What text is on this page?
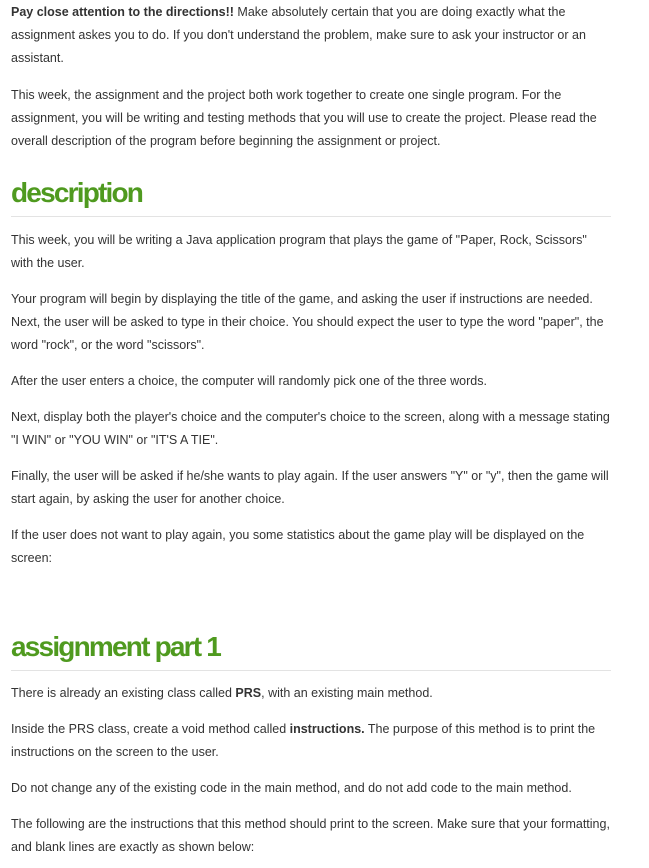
Pay close attention to the directions!! Make absolutely certain that you are doing exactly what the assignment askes you to do. If you don't understand the problem, make sure to ask your instructor or an assistant.

This week, the assignment and the project both work together to create one single program. For the assignment, you will be writing and testing methods that you will use to create the project. Please read the overall description of the program before beginning the assignment or project.

description

This week, you will be writing a Java application program that plays the game of "Paper, Rock, Scissors" with the user.

Your program will begin by displaying the title of the game, and asking the user if instructions are needed. Next, the user will be asked to type in their choice. You should expect the user to type the word "paper", the word "rock", or the word "scissors".

After the user enters a choice, the computer will randomly pick one of the three words.

Next, display both the player's choice and the computer's choice to the screen, along with a message stating "I WIN" or "YOU WIN" or "IT'S A TIE".

Finally, the user will be asked if he/she wants to play again. If the user answers "Y" or "y", then the game will start again, by asking the user for another choice.

If the user does not want to play again, you some statistics about the game play will be displayed on the screen:

assignment part 1

There is already an existing class called PRS, with an existing main method.

Inside the PRS class, create a void method called instructions. The purpose of this method is to print the instructions on the screen to the user.

Do not change any of the existing code in the main method, and do not add code to the main method.

The following are the instructions that this method should print to the screen. Make sure that your formatting, and blank lines are exactly as shown below:
